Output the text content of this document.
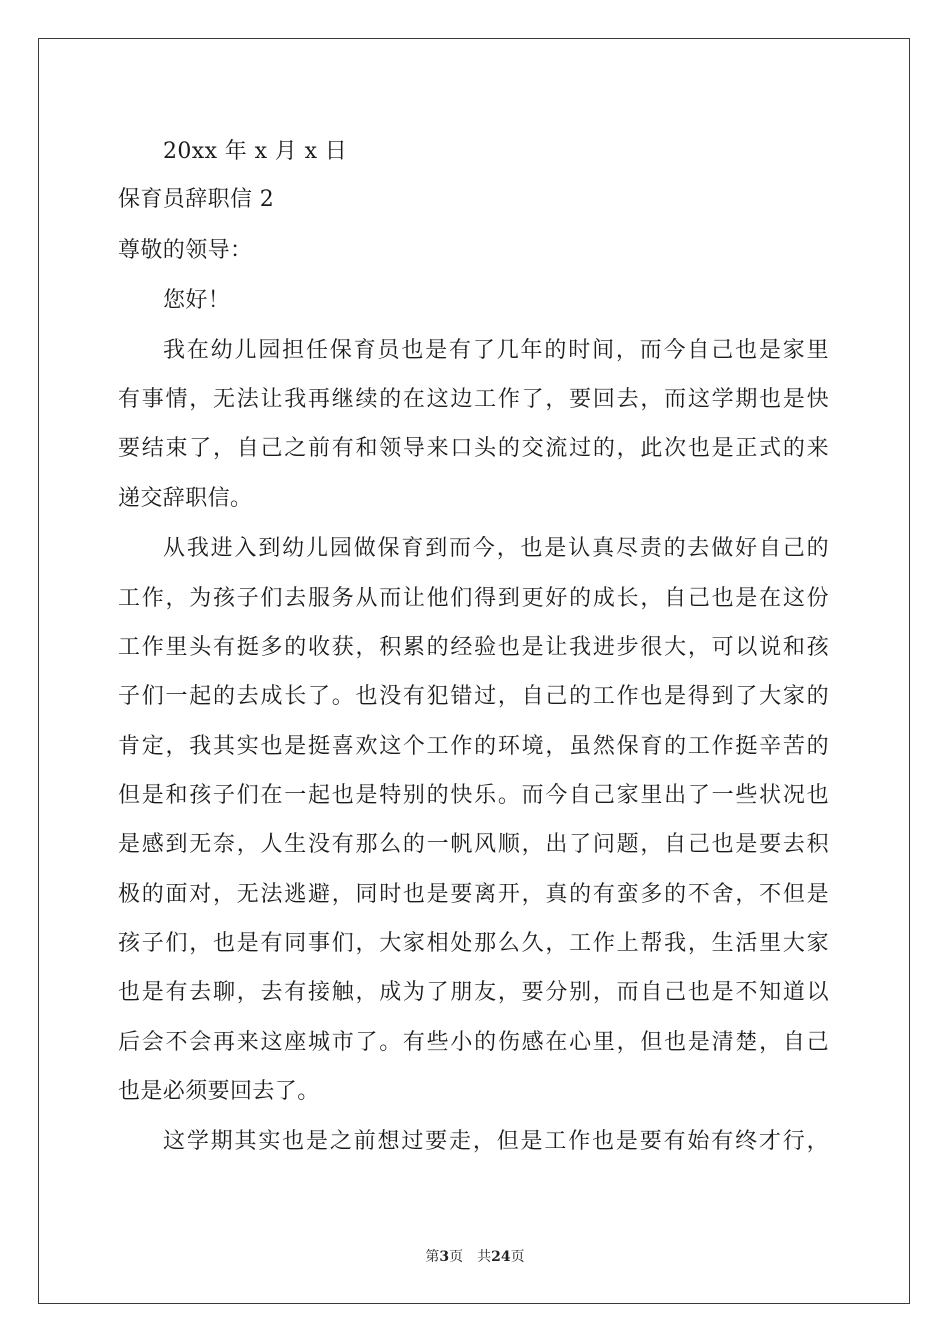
20xx 年 x 月 x 日
保育员辞职信 2
尊敬的领导：
您好！
我在幼儿园担任保育员也是有了几年的时间，而今自己也是家里
有事情，无法让我再继续的在这边工作了，要回去，而这学期也是快
要结束了，自己之前有和领导来口头的交流过的，此次也是正式的来
递交辞职信。
从我进入到幼儿园做保育到而今，也是认真尽责的去做好自己的
工作，为孩子们去服务从而让他们得到更好的成长，自己也是在这份
工作里头有挺多的收获，积累的经验也是让我进步很大，可以说和孩
子们一起的去成长了。也没有犯错过，自己的工作也是得到了大家的
肯定，我其实也是挺喜欢这个工作的环境，虽然保育的工作挺辛苦的
但是和孩子们在一起也是特别的快乐。而今自己家里出了一些状况也
是感到无奈，人生没有那么的一帆风顺，出了问题，自己也是要去积
极的面对，无法逃避，同时也是要离开，真的有蛮多的不舍，不但是
孩子们，也是有同事们，大家相处那么久，工作上帮我，生活里大家
也是有去聊，去有接触，成为了朋友，要分别，而自己也是不知道以
后会不会再来这座城市了。有些小的伤感在心里，但也是清楚，自己
也是必须要回去了。
这学期其实也是之前想过要走，但是工作也是要有始有终才行，
第3页　共24页
